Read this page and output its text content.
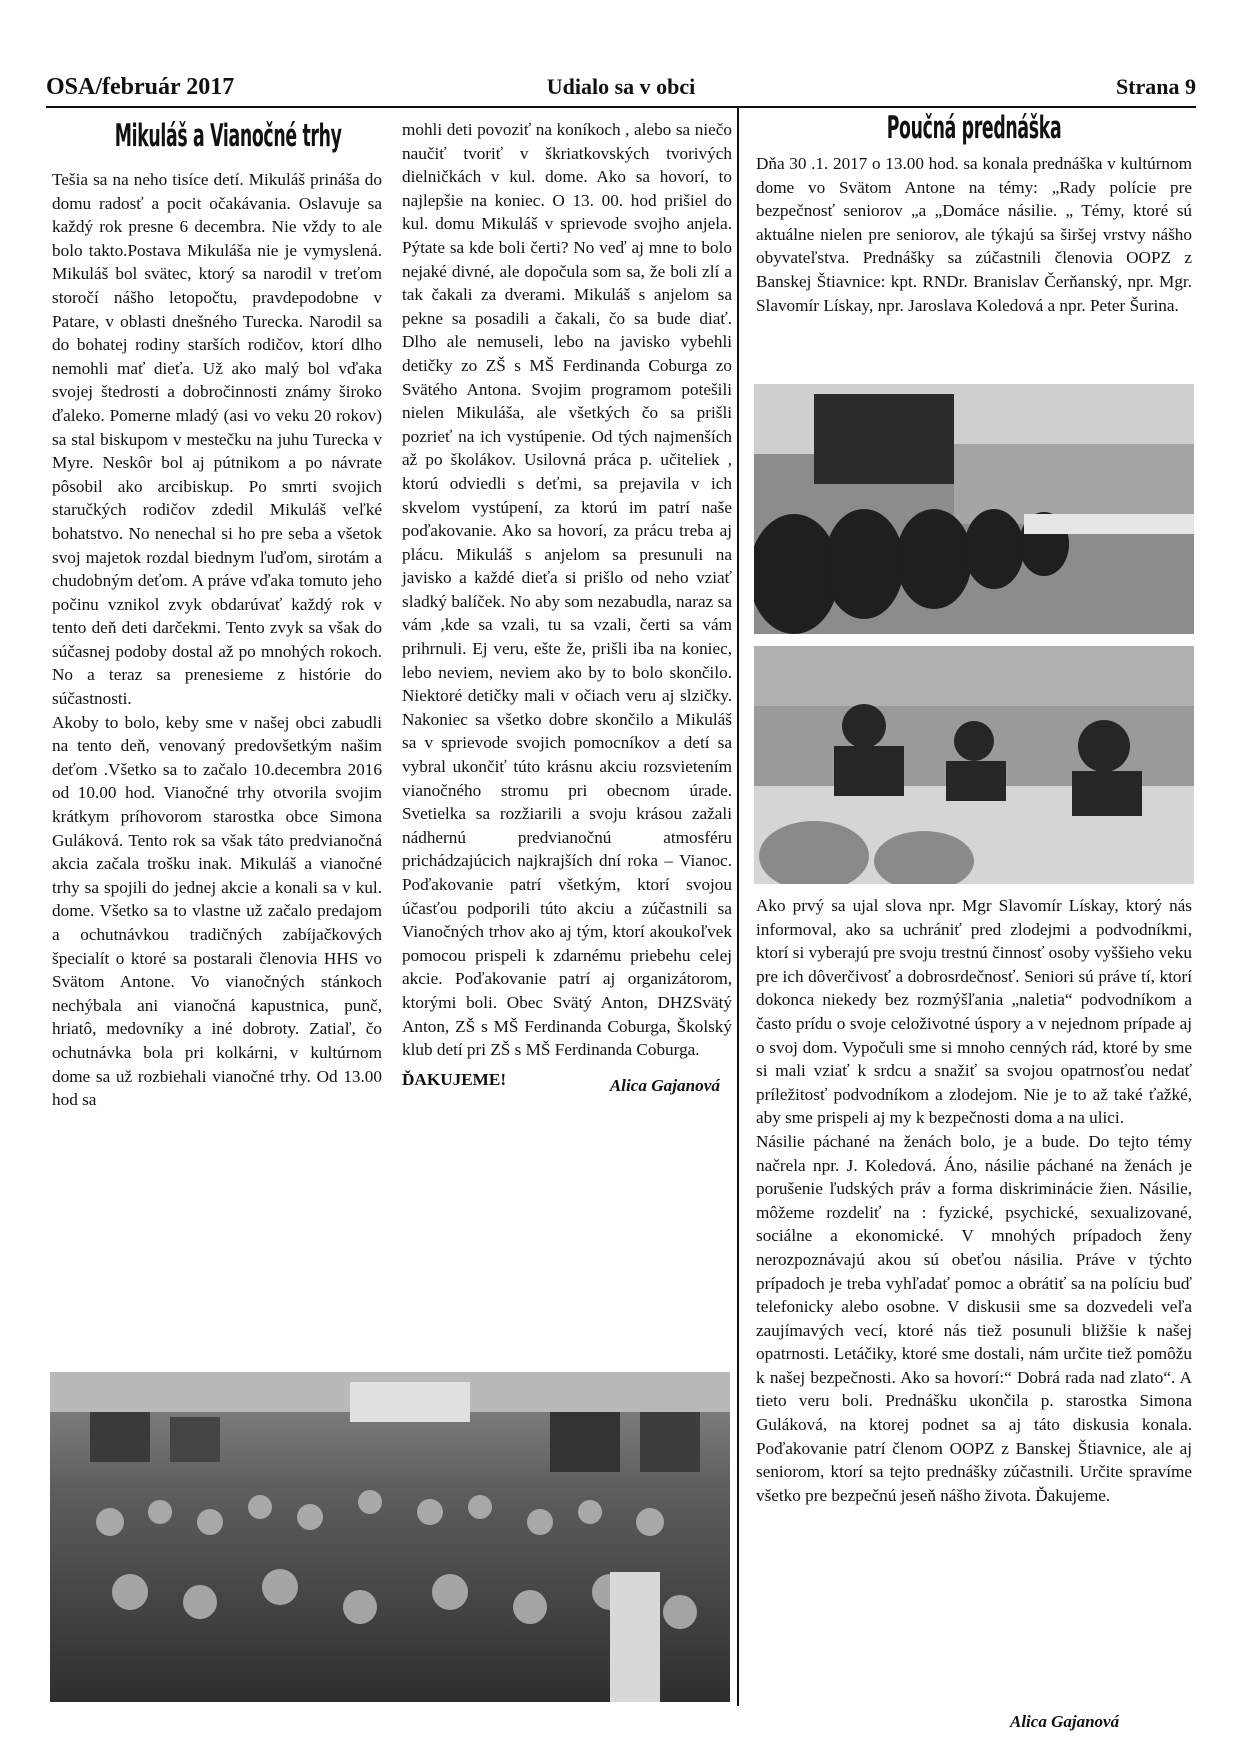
Udialo sa v obci
OSA/február 2017	Strana 9
Mikuláš a Vianočné trhy

Tešia sa na neho tisíce detí. Mikuláš prináša do domu radosť a pocit očakávania. Oslavuje sa každý rok presne 6 decembra. Nie vždy to ale bolo takto.Postava Mikuláša nie je vymyslená. Mikuláš bol svätec, ktorý sa narodil v treťom storočí nášho letopočtu, pravdepodobne v Patare, v oblasti dnešného Turecka. Narodil sa do bohatej rodiny starších rodičov, ktorí dlho nemohli mať dieťa. Už ako malý bol vďaka svojej štedrosti a dobročinnosti známy široko ďaleko. Pomerne mladý (asi vo veku 20 rokov) sa stal biskupom v mestečku na juhu Turecka v Myre. Neskôr bol aj pútnikom a po návrate pôsobil ako arcibiskup. Po smrti svojich staručkých rodičov zdedil Mikuláš veľké bohatstvo. No nenechal si ho pre seba a všetok svoj majetok rozdal biednym ľuďom, sirotám a chudobným deťom. A práve vďaka tomuto jeho počinu vznikol zvyk obdarúvať každý rok v tento deň deti darčekmi. Tento zvyk sa však do súčasnej podoby dostal až po mnohých rokoch. No a teraz sa prenesieme z histórie do súčastnosti.

Akoby to bolo, keby sme v našej obci zabudli na tento deň, venovaný predovšetkým našim deťom .Všetko sa to začalo 10.decembra 2016 od 10.00 hod. Vianočné trhy otvorila svojim krátkym príhovorom starostka obce Simona Guláková. Tento rok sa však táto predvianočná akcia začala trošku inak. Mikuláš a vianočné trhy sa spojili do jednej akcie a konali sa v kul. dome. Všetko sa to vlastne už začalo predajom a ochutnávkou tradičných zabíjačkových špecialít o ktoré sa postarali členovia HHS vo Svätom Antone. Vo vianočných stánkoch nechýbala ani vianočná kapustnica, punč, hriatô, medovníky a iné dobroty. Zatiaľ, čo ochutnávka bola pri kolkárni, v kultúrnom dome sa už rozbiehali vianočné trhy. Od 13.00 hod sa

mohli deti povoziť na koníkoch , alebo sa niečo naučiť tvoriť v škriatkovských tvorivých dielničkách v kul. dome. Ako sa hovorí, to najlepšie na koniec. O 13. 00. hod prišiel do kul. domu Mikuláš v sprievode svojho anjela. Pýtate sa kde boli čerti? No veď aj mne to bolo nejaké divné, ale dopočula som sa, že boli zlí a tak čakali za dverami. Mikuláš s anjelom sa pekne sa posadili a čakali, čo sa bude diať. Dlho ale nemuseli, lebo na javisko vybehli detičky zo ZŠ s MŠ Ferdinanda Coburga zo Svätého Antona. Svojim programom potešili nielen Mikuláša, ale všetkých čo sa prišli pozrieť na ich vystúpenie. Od tých najmenších až po školákov. Usilovná práca p. učiteliek , ktorú odviedli s deťmi, sa prejavila v ich skvelom vystúpení, za ktorú im patrí naše poďakovanie. Ako sa hovorí, za prácu treba aj plácu. Mikuláš s anjelom sa presunuli na javisko a každé dieťa si prišlo od neho vziať sladký balíček. No aby som nezabudla, naraz sa vám ,kde sa vzali, tu sa vzali, čerti sa vám prihrnuli. Ej veru, ešte že, prišli iba na koniec, lebo neviem, neviem ako by to bolo skončilo. Niektoré detičky mali v očiach veru aj slzičky. Nakoniec sa všetko dobre skončilo a Mikuláš sa v sprievode svojich pomocníkov a detí sa vybral ukončiť túto krásnu akciu rozsvietením vianočného stromu pri obecnom úrade. Svetielka sa rozžiarili a svoju krásou zažali nádhernú predvianočnú atmosféru prichádzajúcich najkrajších dní roka – Vianoc. Poďakovanie patrí všetkým, ktorí svojou účasťou podporili túto akciu a zúčastnili sa Vianočných trhov ako aj tým, ktorí akoukoľvek pomocou prispeli k zdarnému priebehu celej akcie. Poďakovanie patrí aj organizátorom, ktorými boli. Obec Svätý Anton, DHZSvätý Anton, ZŠ s MŠ Ferdinanda Coburga, Školský klub detí pri ZŠ s MŠ Ferdinanda Coburga.

ĎAKUJEME!	Alica Gajanová

Poučná prednáška

Dňa 30 .1. 2017 o 13.00 hod. sa konala prednáška v kultúrnom dome vo Svätom Antone na témy: „Rady polície pre bezpečnosť seniorov „a „Domáce násilie. „ Témy, ktoré sú aktuálne nielen pre seniorov, ale týkajú sa širšej vrstvy nášho obyvateľstva. Prednášky sa zúčastnili členovia OOPZ z Banskej Štiavnice: kpt. RNDr. Branislav Čerňanský, npr. Mgr. Slavomír Lískay, npr. Jaroslava Koledová a npr. Peter Šurina.

Ako prvý sa ujal slova npr. Mgr Slavomír Lískay, ktorý nás informoval, ako sa uchrániť pred zlodejmi a podvodníkmi, ktorí si vyberajú pre svoju trestnú činnosť osoby vyššieho veku pre ich dôverčivosť a dobrosrdečnosť. Seniori sú práve tí, ktorí dokonca niekedy bez rozmýšľania „naletia“ podvodníkom a často prídu o svoje celoživotné úspory a v nejednom prípade aj o svoj dom. Vypočuli sme si mnoho cenných rád, ktoré by sme si mali vziať k srdcu a snažiť sa svojou opatrnosťou nedať príležitosť podvodníkom a zlodejom. Nie je to až také ťažké, aby sme prispeli aj my k bezpečnosti doma a na ulici.

Násilie páchané na ženách bolo, je a bude. Do tejto témy načrela npr. J. Koledová. Áno, násilie páchané na ženách je porušenie ľudských práv a forma diskriminácie žien. Násilie, môžeme rozdeliť na : fyzické, psychické, sexualizované, sociálne a ekonomické. V mnohých prípadoch ženy nerozpoznávajú akou sú obeťou násilia. Práve v týchto prípadoch je treba vyhľadať pomoc a obrátiť sa na políciu buď telefonicky alebo osobne. V diskusii sme sa dozvedeli veľa zaujímavých vecí, ktoré nás tiež posunuli bližšie k našej opatrnosti. Letáčiky, ktoré sme dostali, nám určite tiež pomôžu k našej bezpečnosti. Ako sa hovorí:“ Dobrá rada nad zlato“. A tieto veru boli. Prednášku ukončila p. starostka Simona Guláková, na ktorej podnet sa aj táto diskusia konala. Poďakovanie patrí členom OOPZ z Banskej Štiavnice, ale aj seniorom, ktorí sa tejto prednášky zúčastnili. Určite spravíme všetko pre bezpečnú jeseň nášho života. Ďakujeme.

Alica Gajanová
